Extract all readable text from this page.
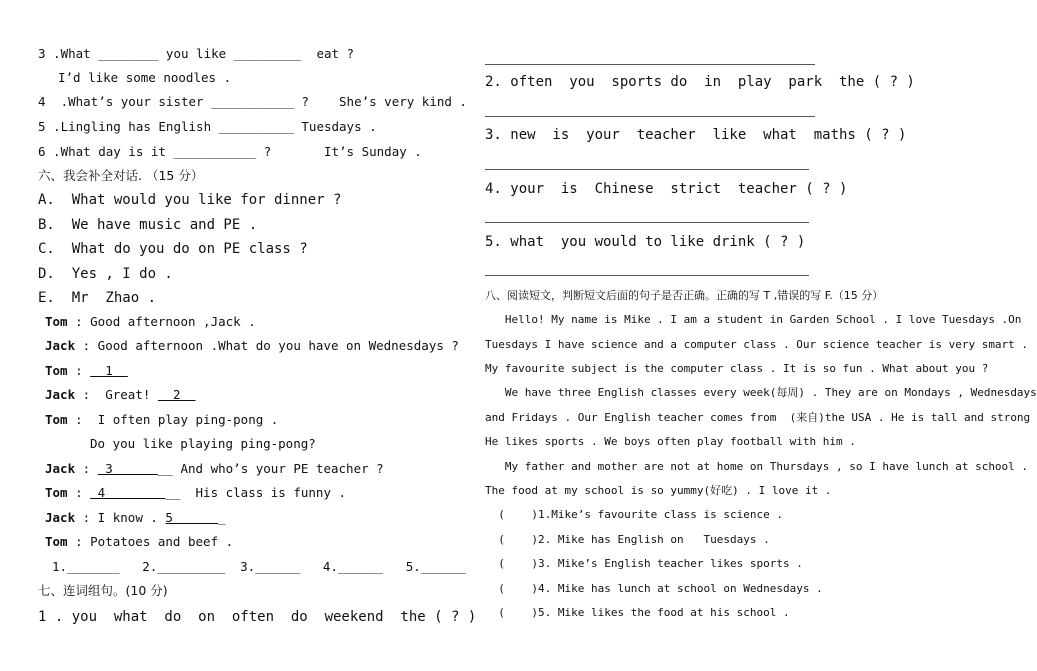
3 .What ________ you like _________  eat ?
I’d like some noodles .
4  .What’s your sister ___________ ?    She’s very kind .
5 .Lingling has English __________ Tuesdays .
6 .What day is it ___________ ?       It’s Sunday .
六、我会补全对话. （15 分）
A.  What would you like for dinner ?
B.  We have music and PE .
C.  What do you do on PE class ?
D.  Yes , I do .
E.  Mr  Zhao .
Tom : Good afternoon ,Jack .
Jack : Good afternoon .What do you have on Wednesdays ?
Tom :   1
Jack :  Great!   2
Tom :  I often play ping-pong .
Do you like playing ping-pong?
Jack :  3      __ And who’s your PE teacher ?
Tom :  4        __  His class is funny .
Jack : I know . 5      _
Tom : Potatoes and beef .
1._______   2._________  3.______   4.______   5.______
七、连词组句。(10 分)
1 . you  what  do  on  often  do  weekend  the ( ? )
2. often  you  sports do  in  play  park  the ( ? )
3. new  is  your  teacher  like  what  maths ( ? )
4. your  is  Chinese  strict  teacher ( ? )
5. what  you would to like drink ( ? )
八、阅读短文，判断短文后面的句子是否正确。正确的写 T ,错误的写 F.（15 分）
Hello! My name is Mike . I am a student in Garden School . I love Tuesdays .On
Tuesdays I have science and a computer class . Our science teacher is very smart .
My favourite subject is the computer class . It is so fun . What about you ?
We have three English classes every week(每周) . They are on Mondays , Wednesdays
and Fridays . Our English teacher comes from  (来自)the USA . He is tall and strong
He likes sports . We boys often play football with him .
My father and mother are not at home on Thursdays , so I have lunch at school .
The food at my school is so yummy(好吃) . I love it .
(    )1.Mike’s favourite class is science .
(    )2. Mike has English on   Tuesdays .
(    )3. Mike’s English teacher likes sports .
(    )4. Mike has lunch at school on Wednesdays .
(    )5. Mike likes the food at his school .
